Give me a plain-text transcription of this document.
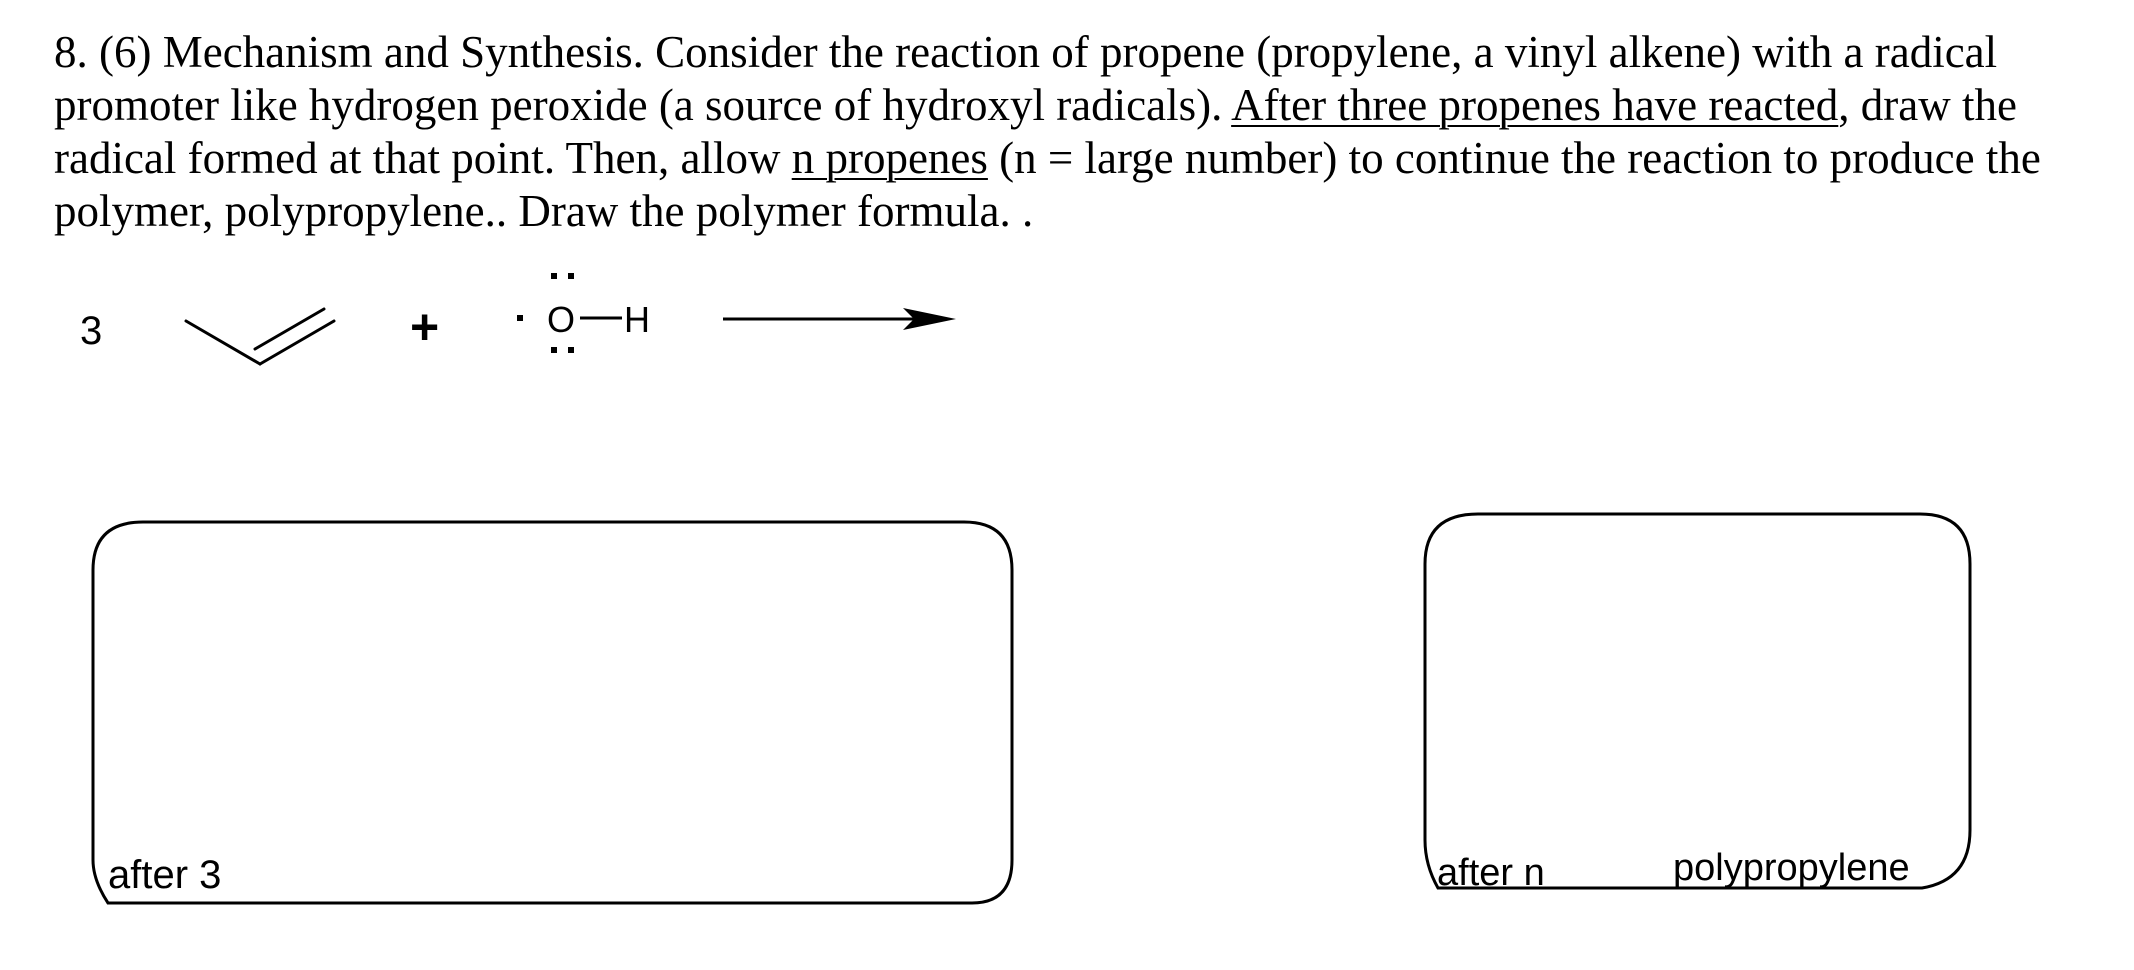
8. (6) Mechanism and Synthesis. Consider the reaction of propene (propylene, a vinyl alkene) with a radical promoter like hydrogen peroxide (a source of hydroxyl radicals). After three propenes have reacted, draw the radical formed at that point. Then, allow n propenes (n = large number) to continue the reaction to produce the polymer, polypropylene.. Draw the polymer formula. .

3	+	O H
after 3	after n	polypropylene
